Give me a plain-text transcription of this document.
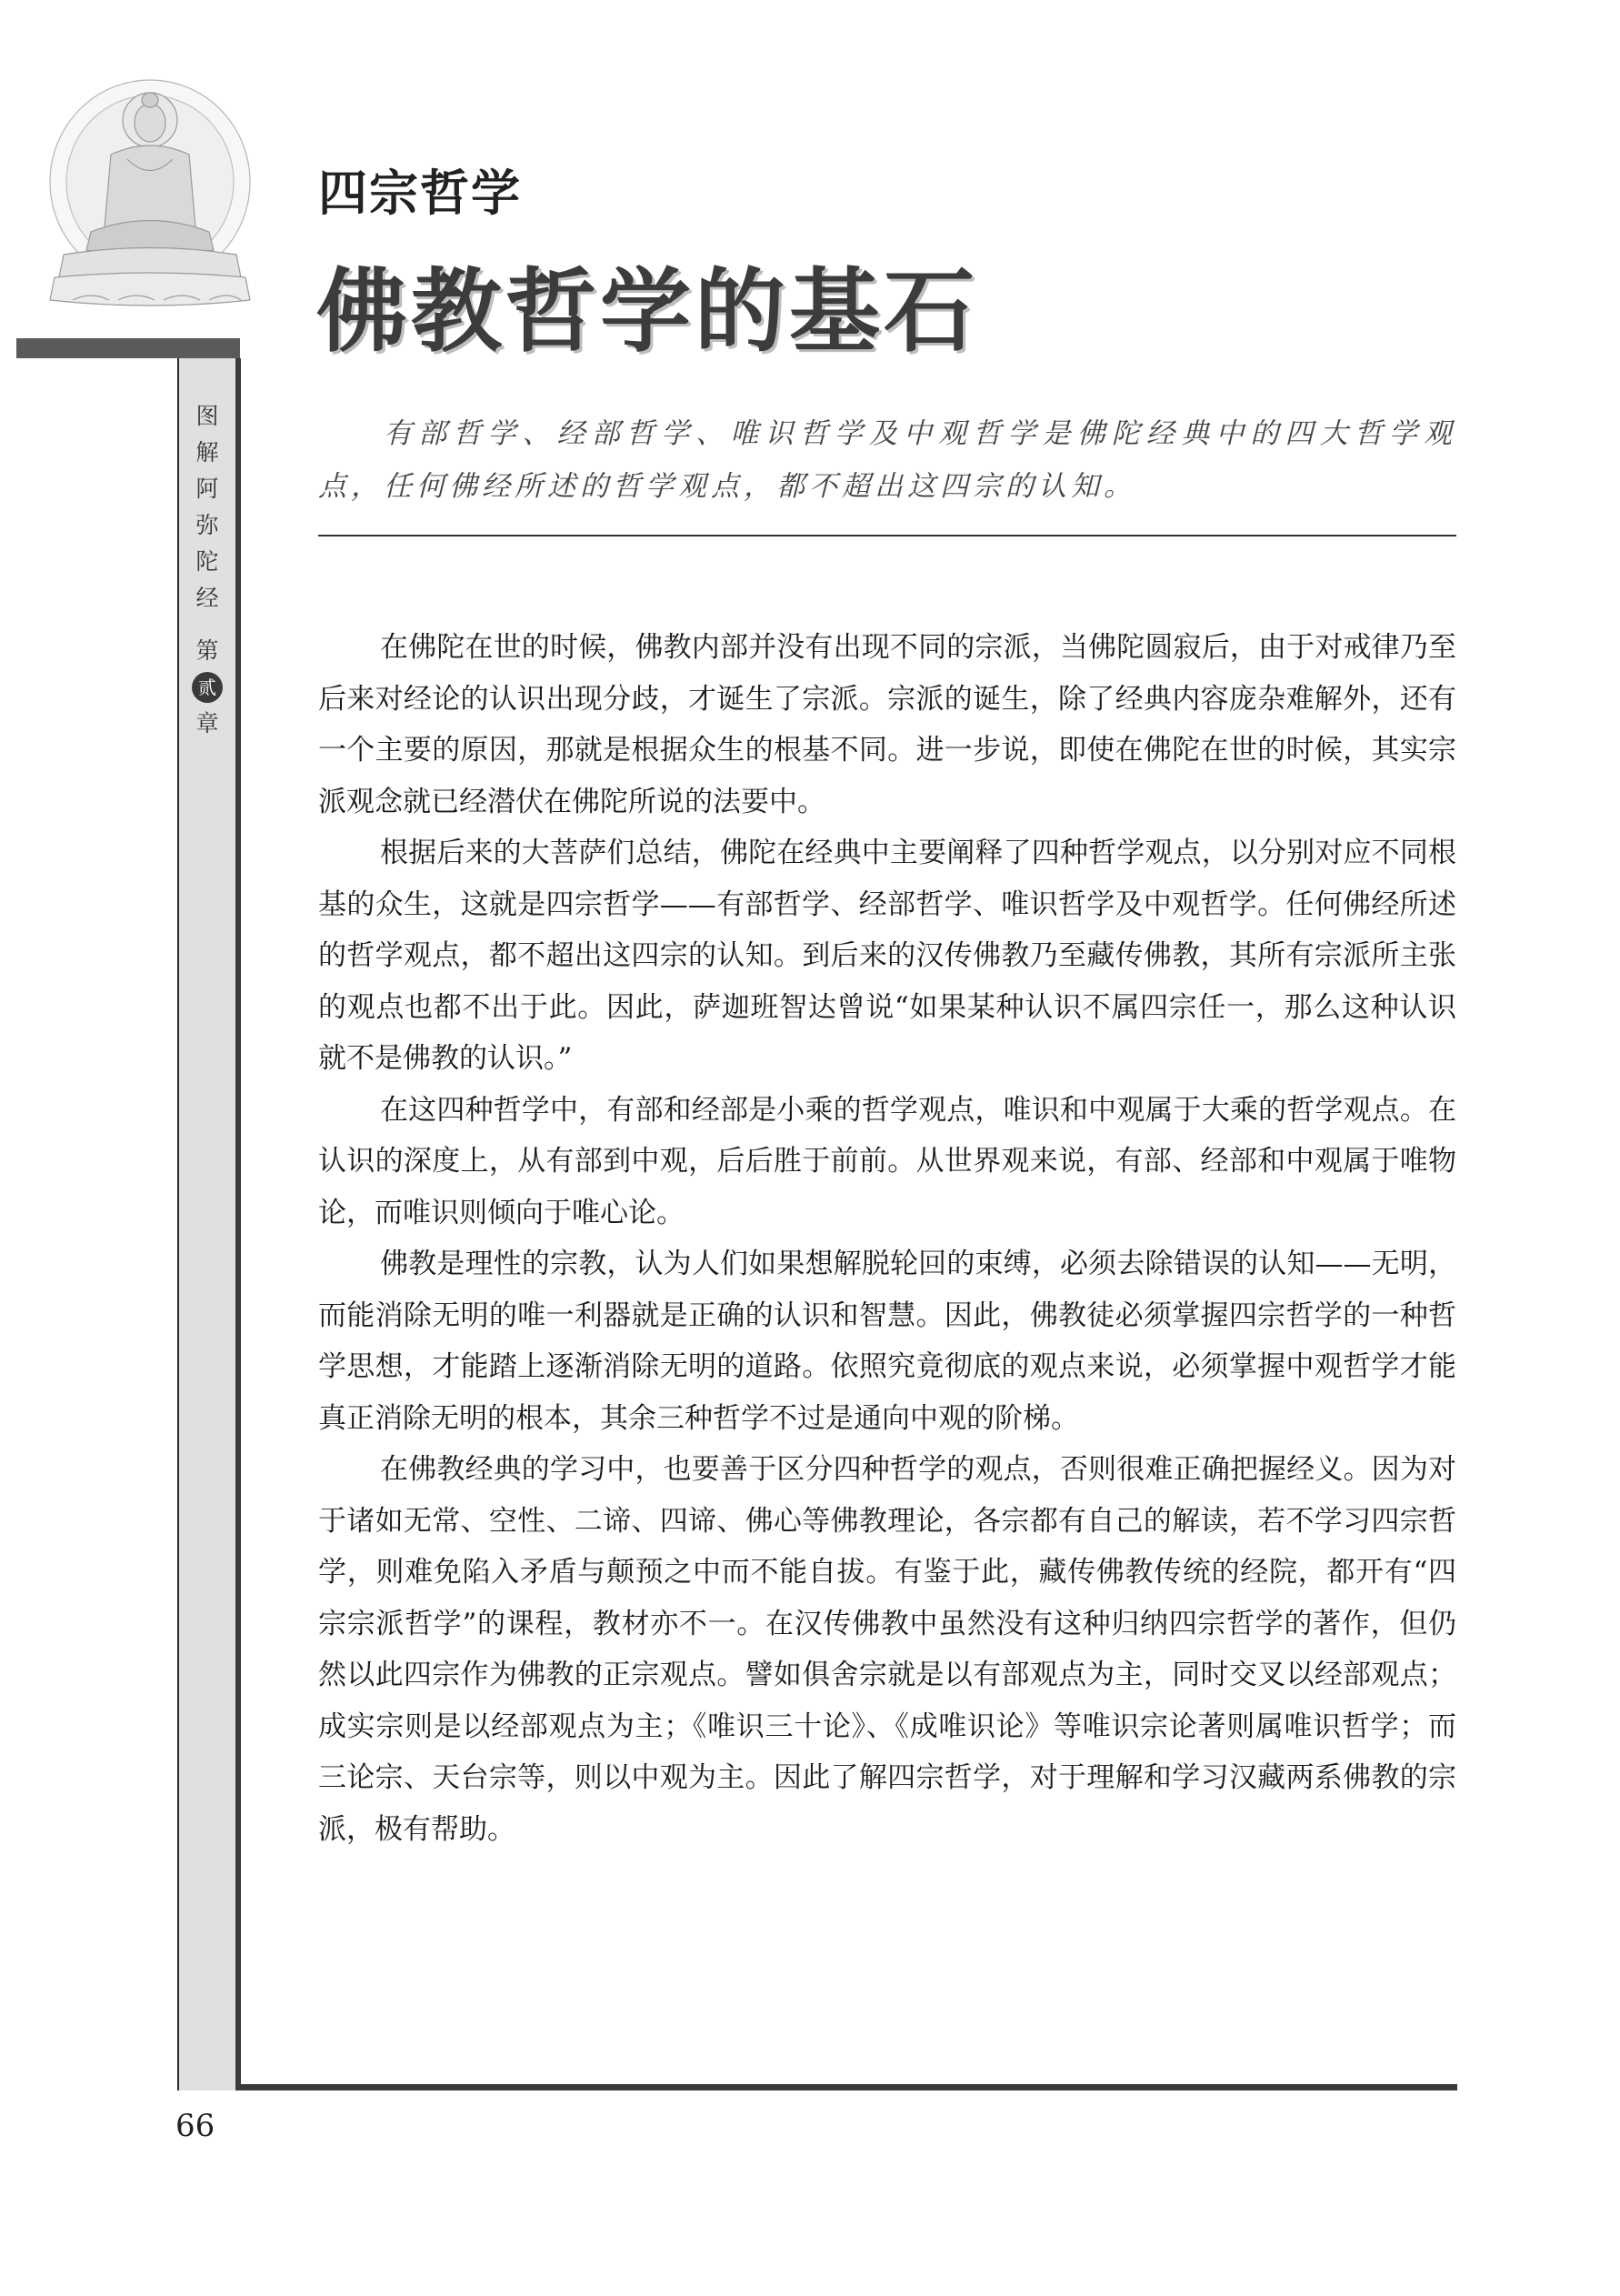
图
解
阿
弥
陀
经
第
贰
章
四宗哲学
佛教哲学的基石
有部哲学、经部哲学、唯识哲学及中观哲学是佛陀经典中的四大哲学观点，任何佛经所述的哲学观点，都不超出这四宗的认知。

在佛陀在世的时候，佛教内部并没有出现不同的宗派，当佛陀圆寂后，由于对戒律乃至后来对经论的认识出现分歧，才诞生了宗派。宗派的诞生，除了经典内容庞杂难解外，还有一个主要的原因，那就是根据众生的根基不同。进一步说，即使在佛陀在世的时候，其实宗派观念就已经潜伏在佛陀所说的法要中。

根据后来的大菩萨们总结，佛陀在经典中主要阐释了四种哲学观点，以分别对应不同根基的众生，这就是四宗哲学——有部哲学、经部哲学、唯识哲学及中观哲学。任何佛经所述的哲学观点，都不超出这四宗的认知。到后来的汉传佛教乃至藏传佛教，其所有宗派所主张的观点也都不出于此。因此，萨迦班智达曾说“如果某种认识不属四宗任一，那么这种认识就不是佛教的认识。”

在这四种哲学中，有部和经部是小乘的哲学观点，唯识和中观属于大乘的哲学观点。在认识的深度上，从有部到中观，后后胜于前前。从世界观来说，有部、经部和中观属于唯物论，而唯识则倾向于唯心论。

佛教是理性的宗教，认为人们如果想解脱轮回的束缚，必须去除错误的认知——无明，而能消除无明的唯一利器就是正确的认识和智慧。因此，佛教徒必须掌握四宗哲学的一种哲学思想，才能踏上逐渐消除无明的道路。依照究竟彻底的观点来说，必须掌握中观哲学才能真正消除无明的根本，其余三种哲学不过是通向中观的阶梯。

在佛教经典的学习中，也要善于区分四种哲学的观点，否则很难正确把握经义。因为对于诸如无常、空性、二谛、四谛、佛心等佛教理论，各宗都有自己的解读，若不学习四宗哲学，则难免陷入矛盾与颠预之中而不能自拔。有鉴于此，藏传佛教传统的经院，都开有“四宗宗派哲学”的课程，教材亦不一。在汉传佛教中虽然没有这种归纳四宗哲学的著作，但仍然以此四宗作为佛教的正宗观点。譬如俱舍宗就是以有部观点为主，同时交叉以经部观点；成实宗则是以经部观点为主；《唯识三十论》、《成唯识论》等唯识宗论著则属唯识哲学；而三论宗、天台宗等，则以中观为主。因此了解四宗哲学，对于理解和学习汉藏两系佛教的宗派，极有帮助。

66
